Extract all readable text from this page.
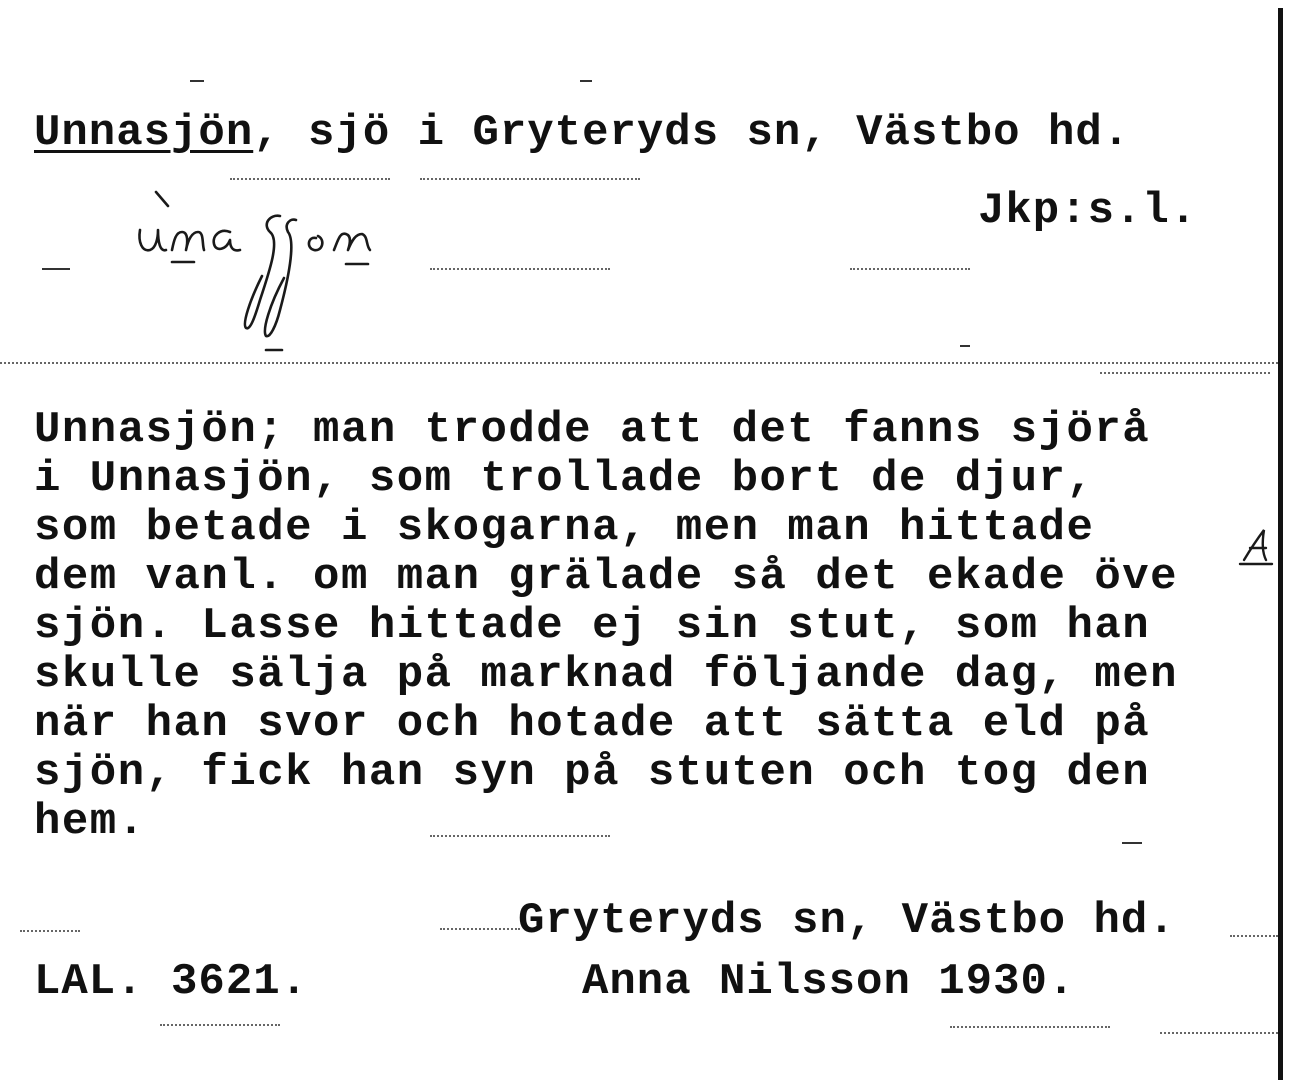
Unnasjön, sjö i Gryteryds sn, Västbo hd.
Jkp:s.l.
Unnasjön; man trodde att det fanns sjörå
i Unnasjön, som trollade bort de djur,
som betade i skogarna, men man hittade
dem vanl. om man grälade så det ekade öve
sjön. Lasse hittade ej sin stut, som han
skulle sälja på marknad följande dag, men
när han svor och hotade att sätta eld på
sjön, fick han syn på stuten och tog den
hem.
Gryteryds sn, Västbo hd.
LAL. 3621.	Anna Nilsson 1930.
